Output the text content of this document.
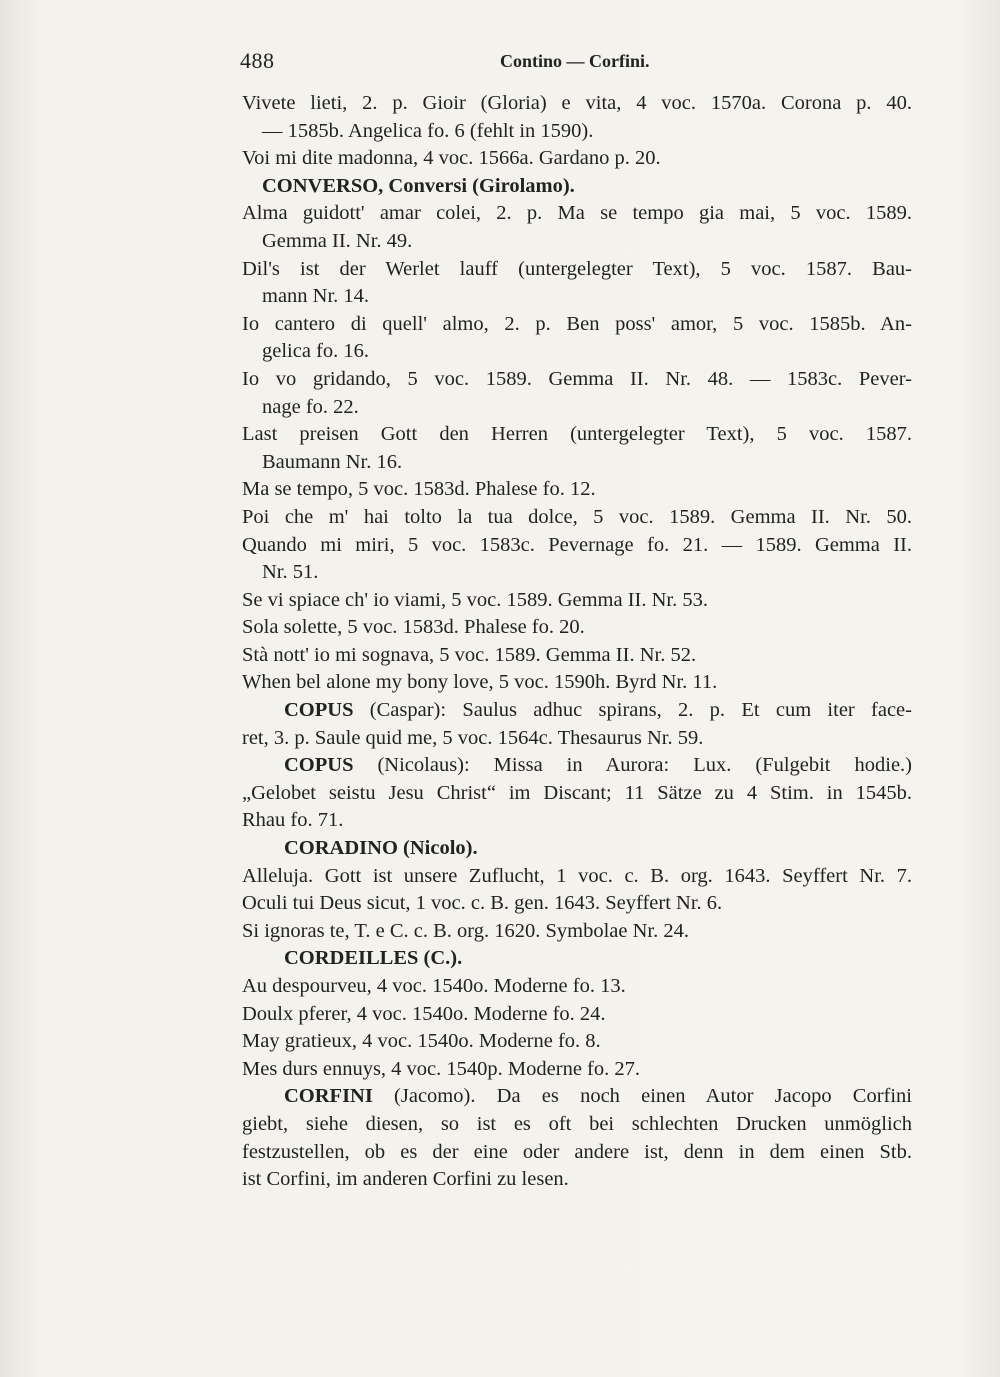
488	Contino — Corfini.
Vivete lieti, 2. p. Gioir (Gloria) e vita, 4 voc. 1570a. Corona p. 40.
— 1585b. Angelica fo. 6 (fehlt in 1590).
Voi mi dite madonna, 4 voc. 1566a. Gardano p. 20.
CONVERSO, Conversi (Girolamo).
Alma guidott' amar colei, 2. p. Ma se tempo gia mai, 5 voc. 1589.
Gemma II. Nr. 49.
Dil's ist der Werlet lauff (untergelegter Text), 5 voc. 1587. Bau-
mann Nr. 14.
Io cantero di quell' almo, 2. p. Ben poss' amor, 5 voc. 1585b. An-
gelica fo. 16.
Io vo gridando, 5 voc. 1589. Gemma II. Nr. 48. — 1583c. Pever-
nage fo. 22.
Last preisen Gott den Herren (untergelegter Text), 5 voc. 1587.
Baumann Nr. 16.
Ma se tempo, 5 voc. 1583d. Phalese fo. 12.
Poi che m' hai tolto la tua dolce, 5 voc. 1589. Gemma II. Nr. 50.
Quando mi miri, 5 voc. 1583c. Pevernage fo. 21. — 1589. Gemma II.
Nr. 51.
Se vi spiace ch' io viami, 5 voc. 1589. Gemma II. Nr. 53.
Sola solette, 5 voc. 1583d. Phalese fo. 20.
Stà nott' io mi sognava, 5 voc. 1589. Gemma II. Nr. 52.
When bel alone my bony love, 5 voc. 1590h. Byrd Nr. 11.
COPUS (Caspar): Saulus adhuc spirans, 2. p. Et cum iter face-
ret, 3. p. Saule quid me, 5 voc. 1564c. Thesaurus Nr. 59.
COPUS (Nicolaus): Missa in Aurora: Lux. (Fulgebit hodie.)
„Gelobet seistu Jesu Christ“ im Discant; 11 Sätze zu 4 Stim. in 1545b.
Rhau fo. 71.
CORADINO (Nicolo).
Alleluja. Gott ist unsere Zuflucht, 1 voc. c. B. org. 1643. Seyffert Nr. 7.
Oculi tui Deus sicut, 1 voc. c. B. gen. 1643. Seyffert Nr. 6.
Si ignoras te, T. e C. c. B. org. 1620. Symbolae Nr. 24.
CORDEILLES (C.).
Au despourveu, 4 voc. 1540o. Moderne fo. 13.
Doulx pferer, 4 voc. 1540o. Moderne fo. 24.
May gratieux, 4 voc. 1540o. Moderne fo. 8.
Mes durs ennuys, 4 voc. 1540p. Moderne fo. 27.
CORFINI (Jacomo). Da es noch einen Autor Jacopo Corfini
giebt, siehe diesen, so ist es oft bei schlechten Drucken unmöglich
festzustellen, ob es der eine oder andere ist, denn in dem einen Stb.
ist Corfini, im anderen Corfini zu lesen.
